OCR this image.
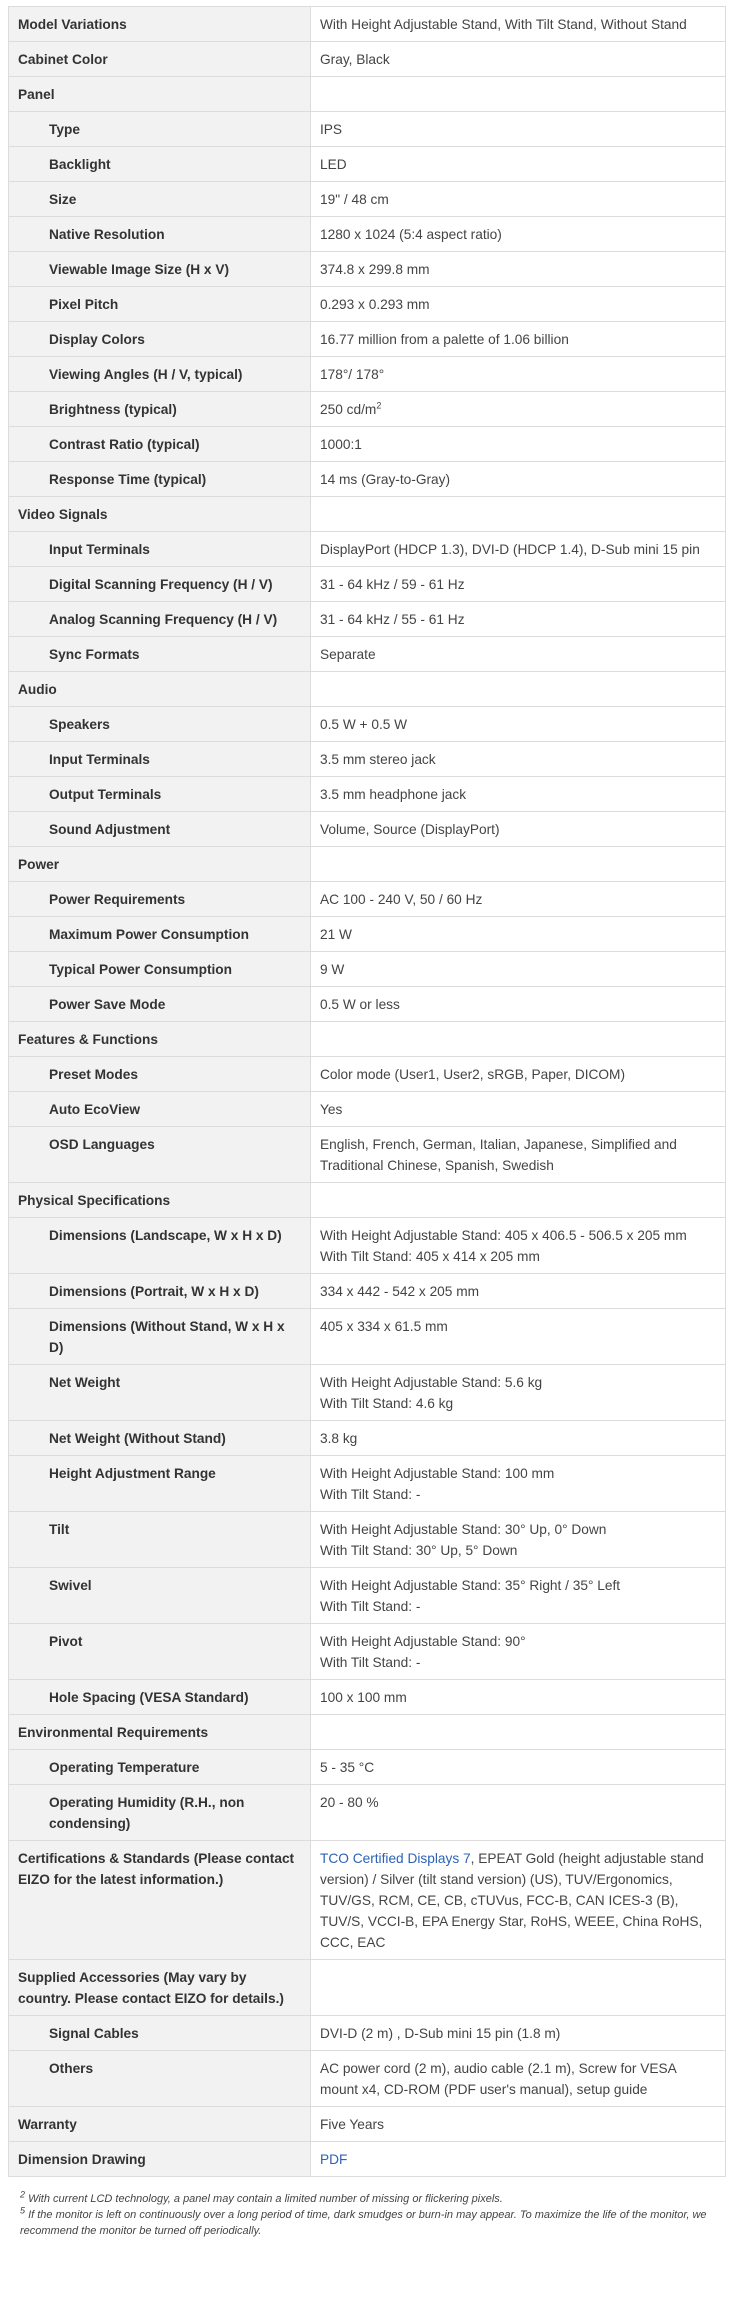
Model Variations	With Height Adjustable Stand, With Tilt Stand, Without Stand
Cabinet Color	Gray, Black
Panel	
Type	IPS
Backlight	LED
Size	19" / 48 cm
Native Resolution	1280 x 1024 (5:4 aspect ratio)
Viewable Image Size (H x V)	374.8 x 299.8 mm
Pixel Pitch	0.293 x 0.293 mm
Display Colors	16.77 million from a palette of 1.06 billion
Viewing Angles (H / V, typical)	178°/ 178°
Brightness (typical)	250 $cd/m^2$
Contrast Ratio (typical)	1000:1
Response Time (typical)	14 ms (Gray-to-Gray)
Video Signals	
Input Terminals	DisplayPort (HDCP 1.3), DVI-D (HDCP 1.4), D-Sub mini 15 pin
Digital Scanning Frequency (H / V)	31 - 64 kHz / 59 - 61 Hz
Analog Scanning Frequency (H / V)	31 - 64 kHz / 55 - 61 Hz
Sync Formats	Separate
Audio	
Speakers	0.5 W + 0.5 W
Input Terminals	3.5 mm stereo jack
Output Terminals	3.5 mm headphone jack
Sound Adjustment	Volume, Source (DisplayPort)
Power	
Power Requirements	AC 100 - 240 V, 50 / 60 Hz
Maximum Power Consumption	21 W
Typical Power Consumption	9 W
Power Save Mode	0.5 W or less
Features & Functions	
Preset Modes	Color mode (User1, User2, sRGB, Paper, DICOM)
Auto EcoView	Yes
OSD Languages	English, French, German, Italian, Japanese, Simplified and Traditional Chinese, Spanish, Swedish
Physical Specifications	
Dimensions (Landscape, W x H x D)	With Height Adjustable Stand: 405 x 406.5 - 506.5 x 205 mm
With Tilt Stand: 405 x 414 x 205 mm

Dimensions (Portrait, W x H x D)	334 x 442 - 542 x 205 mm
Dimensions (Without Stand, W x H x D)	405 x 334 x 61.5 mm
Net Weight	With Height Adjustable Stand: 5.6 kg
With Tilt Stand: 4.6 kg

Net Weight (Without Stand)	3.8 kg
Height Adjustment Range	With Height Adjustable Stand: 100 mm
With Tilt Stand: -

Tilt	With Height Adjustable Stand: 30° Up, 0° Down
With Tilt Stand: 30° Up, 5° Down

Swivel	With Height Adjustable Stand: 35° Right / 35° Left
With Tilt Stand: -

Pivot	With Height Adjustable Stand: 90°
With Tilt Stand: -

Hole Spacing (VESA Standard)	100 x 100 mm
Environmental Requirements	
Operating Temperature	5 - 35 °C
Operating Humidity (R.H., non condensing)	20 - 80 %
Certifications & Standards (Please contact EIZO for the latest information.)	TCO Certified Displays 7, EPEAT Gold (height adjustable stand version) / Silver (tilt stand version) (US), TUV/Ergonomics, TUV/GS, RCM, CE, CB, cTUVus, FCC-B, CAN ICES-3 (B), TUV/S, VCCI-B, EPA Energy Star, RoHS, WEEE, China RoHS, CCC, EAC
Supplied Accessories (May vary by country. Please contact EIZO for details.)	
Signal Cables	DVI-D (2 m) , D-Sub mini 15 pin (1.8 m)
Others	AC power cord (2 m), audio cable (2.1 m), Screw for VESA mount x4, CD-ROM (PDF user's manual), setup guide
Warranty	Five Years
Dimension Drawing	PDF
$^2$ With current LCD technology, a panel may contain a limited number of missing or flickering pixels.
$^5$ If the monitor is left on continuously over a long period of time, dark smudges or burn-in may appear. To maximize the life of the monitor, we recommend the monitor be turned off periodically.
